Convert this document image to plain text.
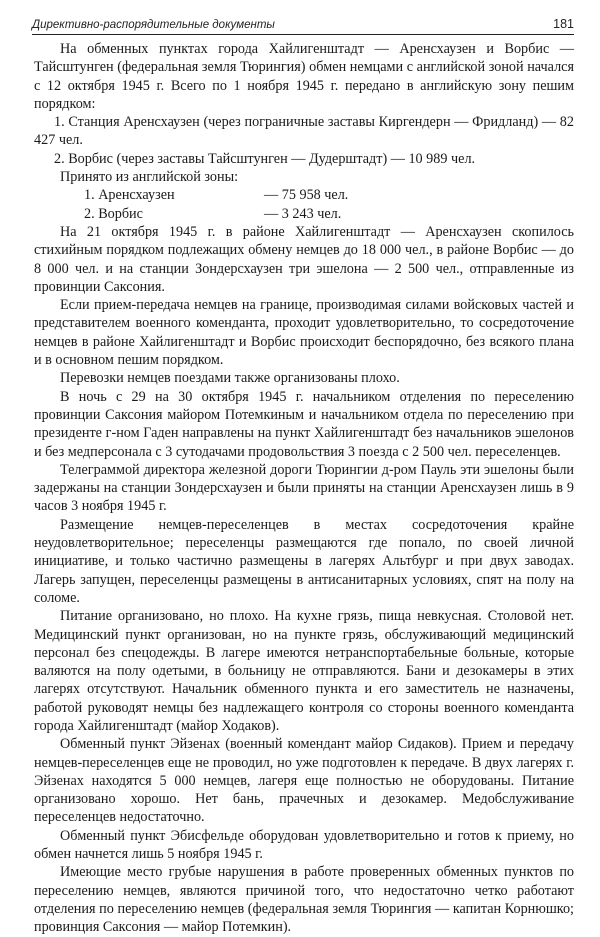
Директивно-распорядительные документы	181

На обменных пунктах города Хайлигенштадт — Аренсхаузен и Ворбис — Тайсштунген (федеральная земля Тюрингия) обмен немцами с английской зоной начался с 12 октября 1945 г. Всего по 1 ноября 1945 г. передано в английскую зону пешим порядком:

1. Станция Аренсхаузен (через пограничные заставы Киргендерн — Фридланд) — 82 427 чел.

2. Ворбис (через заставы Тайсштунген — Дудерштадт) — 10 989 чел.

Принято из английской зоны:

1. Аренсхаузен	— 75 958 чел.
2. Ворбис	— 3 243 чел.

На 21 октября 1945 г. в районе Хайлигенштадт — Аренсхаузен скопилось стихийным порядком подлежащих обмену немцев до 18 000 чел., в районе Ворбис — до 8 000 чел. и на станции Зондерсхаузен три эшелона — 2 500 чел., отправленные из провинции Саксония.

Если прием-передача немцев на границе, производимая силами войсковых частей и представителем военного коменданта, проходит удовлетворительно, то сосредоточение немцев в районе Хайлигенштадт и Ворбис происходит беспорядочно, без всякого плана и в основном пешим порядком.

Перевозки немцев поездами также организованы плохо.

В ночь с 29 на 30 октября 1945 г. начальником отделения по переселению провинции Саксония майором Потемкиным и начальником отдела по переселению при президенте г-ном Гаден направлены на пункт Хайлигенштадт без начальников эшелонов и без медперсонала с 3 сутодачами продовольствия 3 поезда с 2 500 чел. переселенцев.

Телеграммой директора железной дороги Тюрингии д-ром Пауль эти эшелоны были задержаны на станции Зондерсхаузен и были приняты на станции Аренсхаузен лишь в 9 часов 3 ноября 1945 г.

Размещение немцев-переселенцев в местах сосредоточения крайне неудовлетворительное; переселенцы размещаются где попало, по своей личной инициативе, и только частично размещены в лагерях Альтбург и при двух заводах. Лагерь запущен, переселенцы размещены в антисанитарных условиях, спят на полу на соломе.

Питание организовано, но плохо. На кухне грязь, пища невкусная. Столовой нет. Медицинский пункт организован, но на пункте грязь, обслуживающий медицинский персонал без спецодежды. В лагере имеются нетранспортабельные больные, которые валяются на полу одетыми, в больницу не отправляются. Бани и дезокамеры в этих лагерях отсутствуют. Начальник обменного пункта и его заместитель не назначены, работой руководят немцы без надлежащего контроля со стороны военного коменданта города Хайлигенштадт (майор Ходаков).

Обменный пункт Эйзенах (военный комендант майор Сидаков). Прием и передачу немцев-переселенцев еще не проводил, но уже подготовлен к передаче. В двух лагерях г. Эйзенах находятся 5 000 немцев, лагеря еще полностью не оборудованы. Питание организовано хорошо. Нет бань, прачечных и дезокамер. Медобслуживание переселенцев недостаточно.

Обменный пункт Эбисфельде оборудован удовлетворительно и готов к приему, но обмен начнется лишь 5 ноября 1945 г.

Имеющие место грубые нарушения в работе проверенных обменных пунктов по переселению немцев, являются причиной того, что недостаточно четко работают отделения по переселению немцев (федеральная земля Тюрингия — капитан Корнюшко; провинция Саксония — майор Потемкин).
